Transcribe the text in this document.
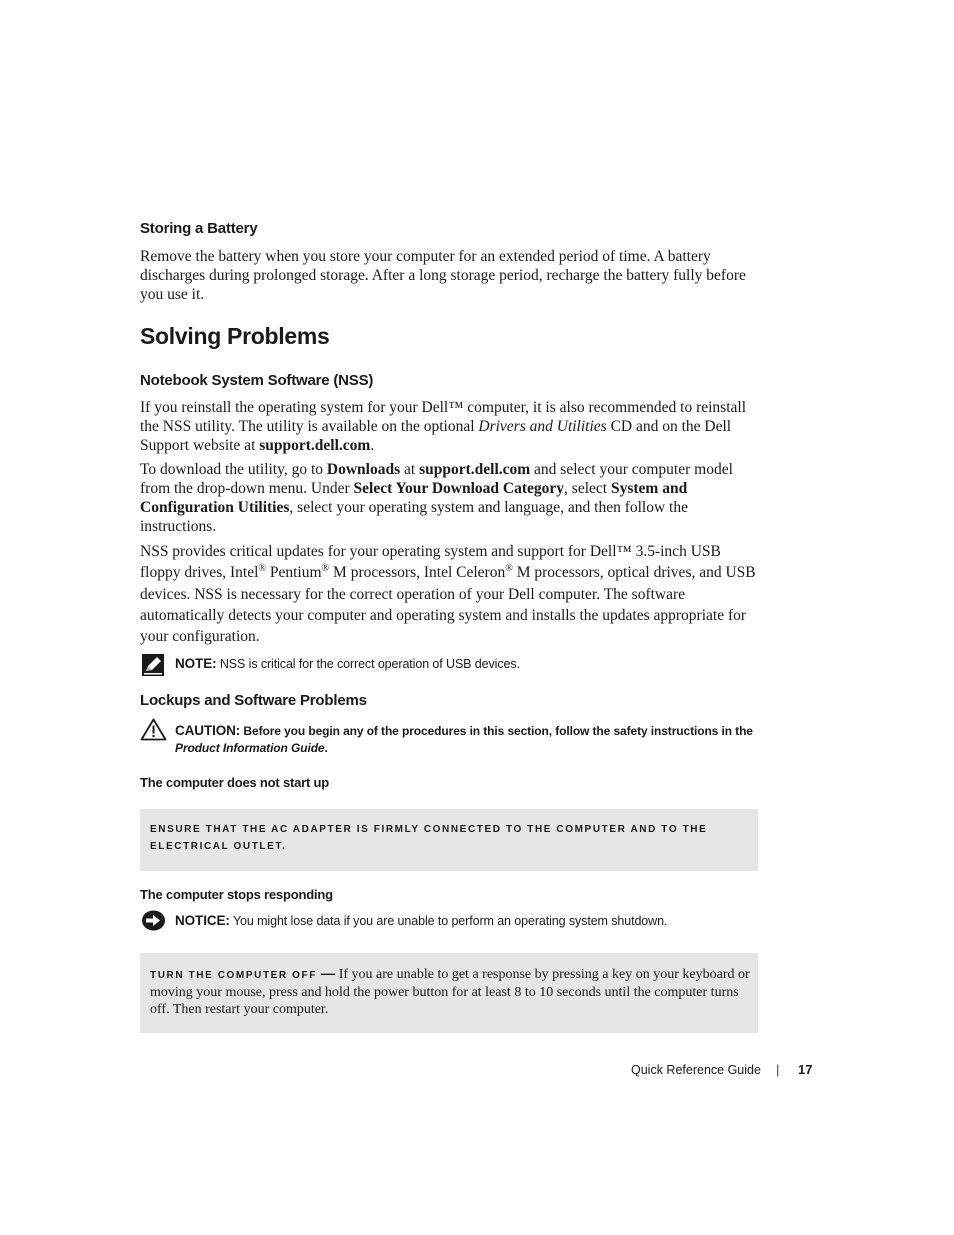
Storing a Battery
Remove the battery when you store your computer for an extended period of time. A battery discharges during prolonged storage. After a long storage period, recharge the battery fully before you use it.
Solving Problems
Notebook System Software (NSS)
If you reinstall the operating system for your Dell™ computer, it is also recommended to reinstall the NSS utility. The utility is available on the optional Drivers and Utilities CD and on the Dell Support website at support.dell.com.
To download the utility, go to Downloads at support.dell.com and select your computer model from the drop-down menu. Under Select Your Download Category, select System and Configuration Utilities, select your operating system and language, and then follow the instructions.
NSS provides critical updates for your operating system and support for Dell™ 3.5-inch USB floppy drives, Intel® Pentium® M processors, Intel Celeron® M processors, optical drives, and USB devices. NSS is necessary for the correct operation of your Dell computer. The software automatically detects your computer and operating system and installs the updates appropriate for your configuration.
NOTE: NSS is critical for the correct operation of USB devices.
Lockups and Software Problems
CAUTION: Before you begin any of the procedures in this section, follow the safety instructions in the Product Information Guide.
The computer does not start up
ENSURE THAT THE AC ADAPTER IS FIRMLY CONNECTED TO THE COMPUTER AND TO THE ELECTRICAL OUTLET.
The computer stops responding
NOTICE: You might lose data if you are unable to perform an operating system shutdown.
TURN THE COMPUTER OFF — If you are unable to get a response by pressing a key on your keyboard or moving your mouse, press and hold the power button for at least 8 to 10 seconds until the computer turns off. Then restart your computer.
Quick Reference Guide | 17
